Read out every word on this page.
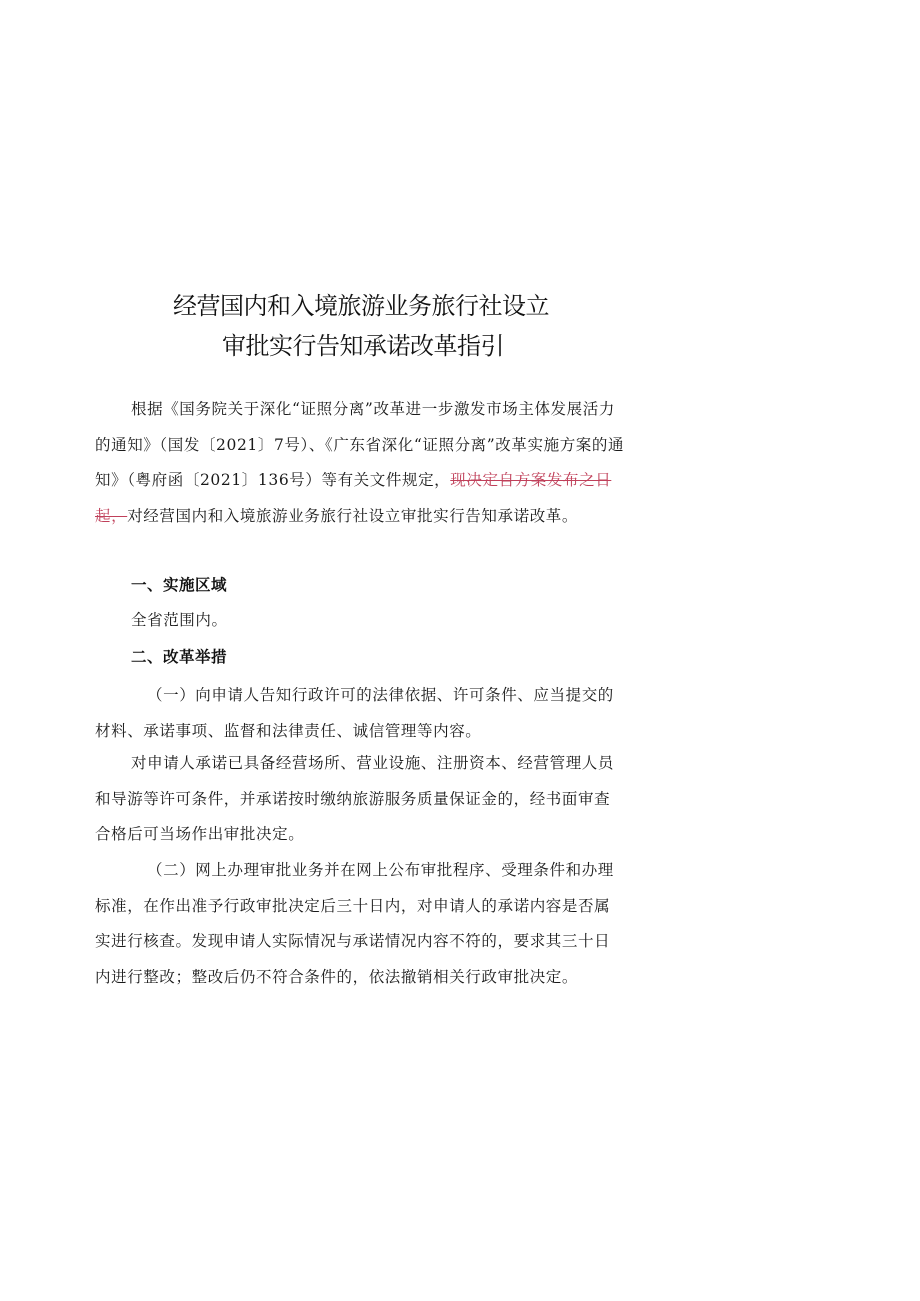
经营国内和入境旅游业务旅行社设立
审批实行告知承诺改革指引
根据《国务院关于深化“证照分离”改革进一步激发市场主体发展活力的通知》（国发〔2021〕7号）、《广东省深化“证照分离”改革实施方案的通知》（粤府函〔2021〕136号）等有关文件规定，现决定自方案发布之日起，对经营国内和入境旅游业务旅行社设立审批实行告知承诺改革。
一、实施区域
全省范围内。
二、改革举措
（一）向申请人告知行政许可的法律依据、许可条件、应当提交的材料、承诺事项、监督和法律责任、诚信管理等内容。
对申请人承诺已具备经营场所、营业设施、注册资本、经营管理人员和导游等许可条件，并承诺按时缴纳旅游服务质量保证金的，经书面审查合格后可当场作出审批决定。
（二）网上办理审批业务并在网上公布审批程序、受理条件和办理标准，在作出准予行政审批决定后三十日内，对申请人的承诺内容是否属实进行核查。发现申请人实际情况与承诺情况内容不符的，要求其三十日内进行整改；整改后仍不符合条件的，依法撤销相关行政审批决定。
